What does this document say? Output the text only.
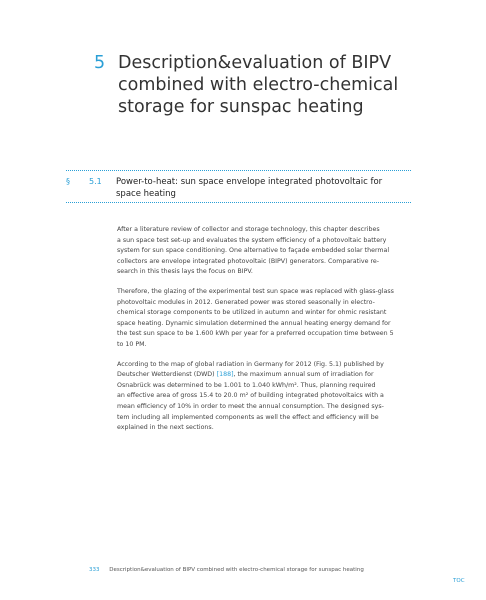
5 Description&evaluation of BIPV combined with electro-chemical storage for sunspac heating
§ 5.1 Power-to-heat: sun space envelope integrated photovoltaic for space heating

After a literature review of collector and storage technology, this chapter describes
a sun space test set-up and evaluates the system efficiency of a photovoltaic battery
system for sun space conditioning. One alternative to façade embedded solar thermal
collectors are envelope integrated photovoltaic (BIPV) generators. Comparative re-
search in this thesis lays the focus on BIPV.

Therefore, the glazing of the experimental test sun space was replaced with glass-glass
photovoltaic modules in 2012. Generated power was stored seasonally in electro-
chemical storage components to be utilized in autumn and winter for ohmic resistant
space heating. Dynamic simulation determined the annual heating energy demand for
the test sun space to be 1.600 kWh per year for a preferred occupation time between 5
to 10 PM.

According to the map of global radiation in Germany for 2012 (Fig. 5.1) published by
Deutscher Wetterdienst (DWD) [188], the maximum annual sum of irradiation for
Osnabrück was determined to be 1.001 to 1.040 kWh/m². Thus, planning required
an effective area of gross 15.4 to 20.0 m² of building integrated photovoltaics with a
mean efficiency of 10% in order to meet the annual consumption. The designed sys-
tem including all implemented components as well the effect and efficiency will be
explained in the next sections.

333 Description&evaluation of BIPV combined with electro-chemical storage for sunspac heating
TOC
